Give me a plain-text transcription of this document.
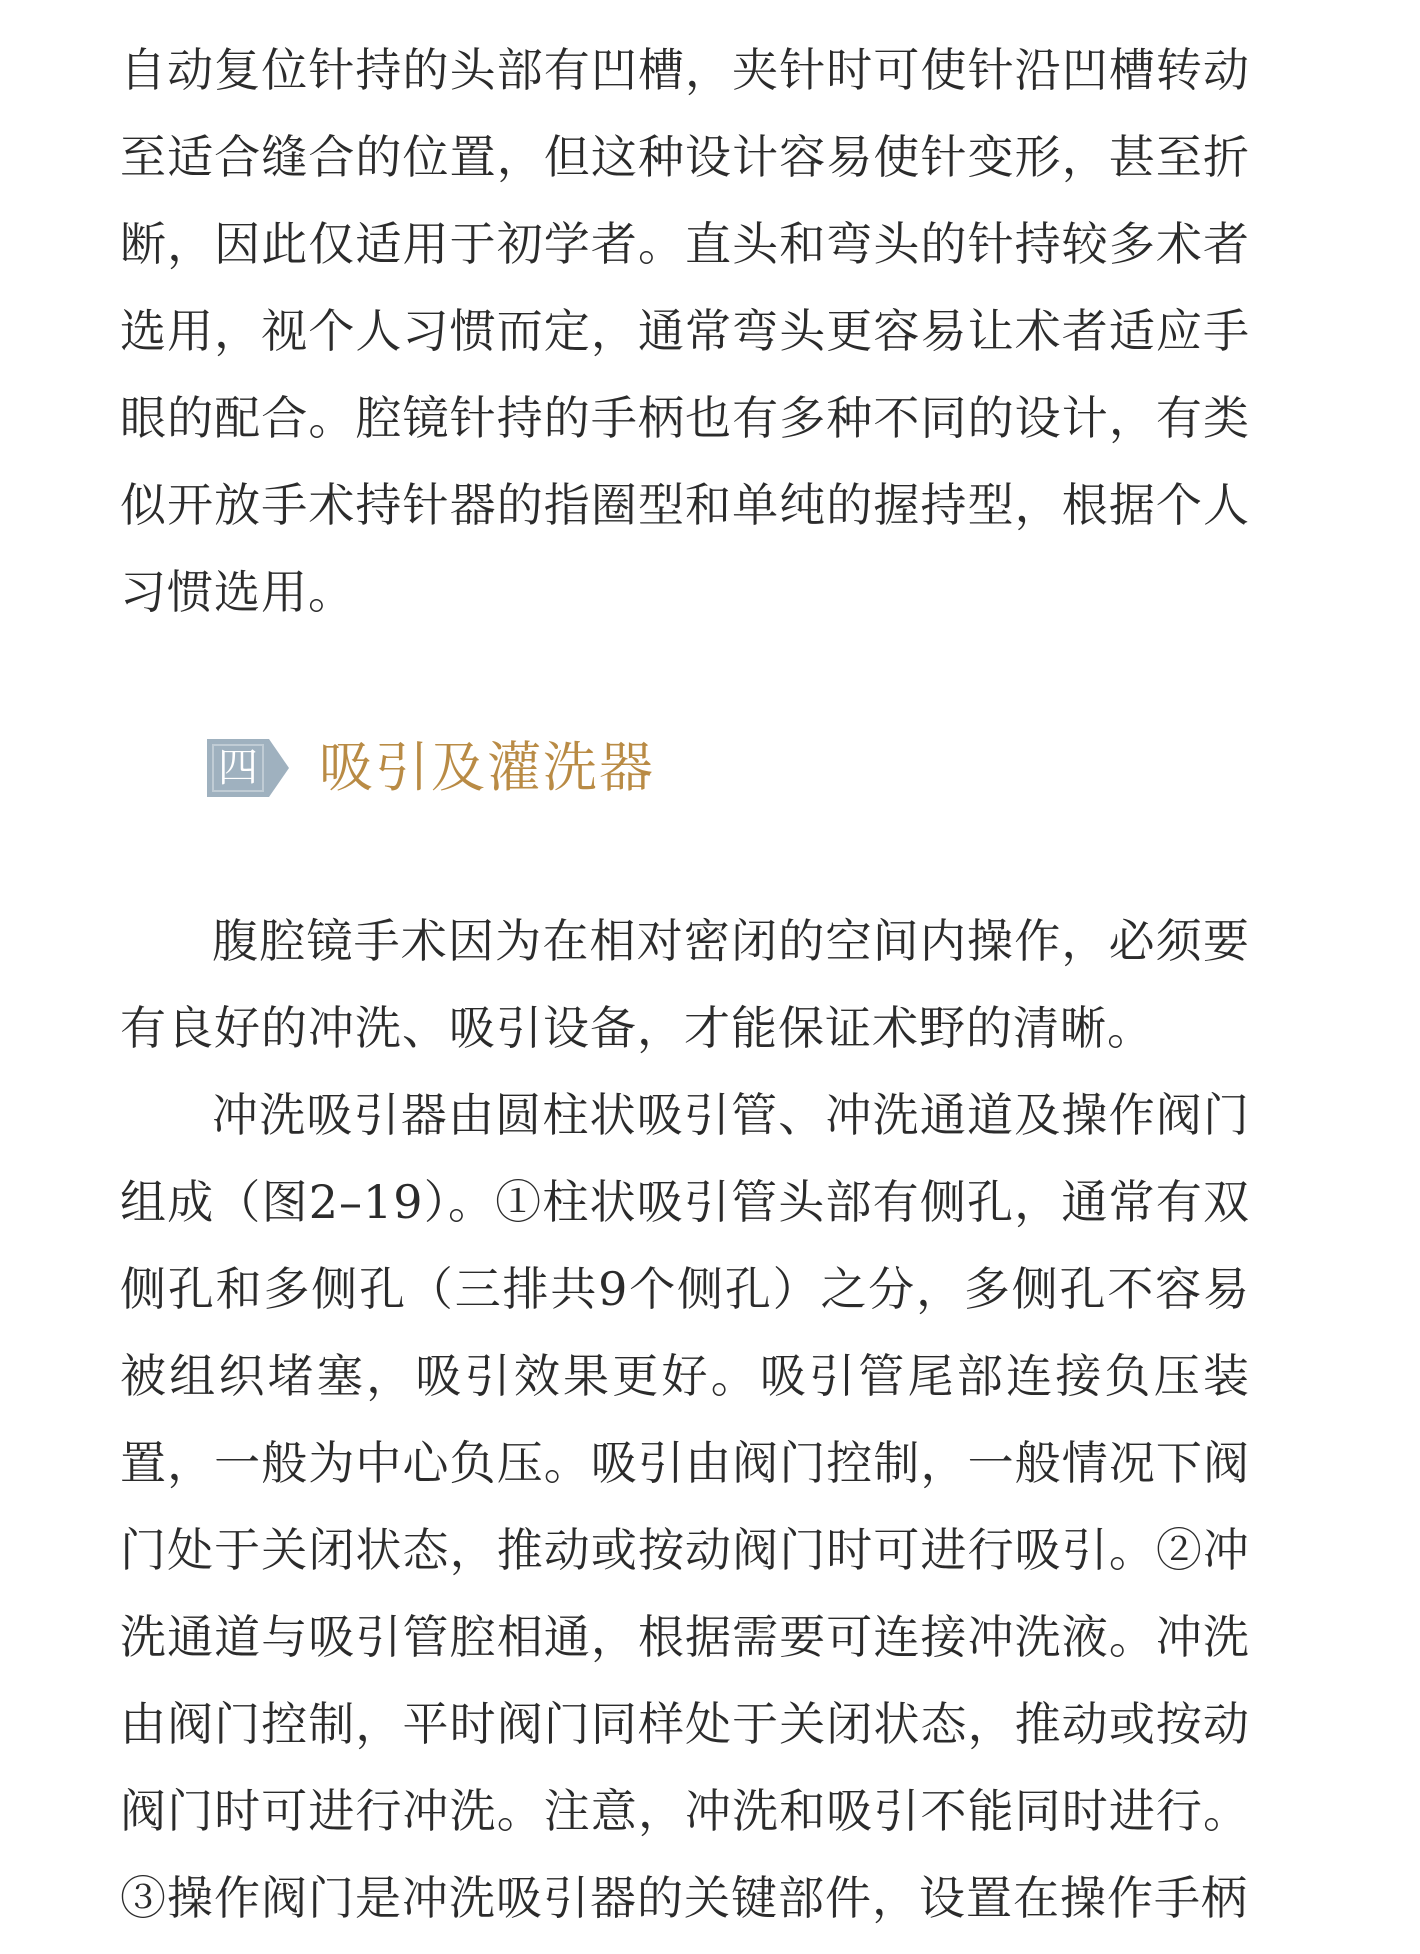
自动复位针持的头部有凹槽，夹针时可使针沿凹槽转动至适合缝合的位置，但这种设计容易使针变形，甚至折断，因此仅适用于初学者。直头和弯头的针持较多术者选用，视个人习惯而定，通常弯头更容易让术者适应手眼的配合。腔镜针持的手柄也有多种不同的设计，有类似开放手术持针器的指圈型和单纯的握持型，根据个人习惯选用。

四 吸引及灌洗器

腹腔镜手术因为在相对密闭的空间内操作，必须要有良好的冲洗、吸引设备，才能保证术野的清晰。

冲洗吸引器由圆柱状吸引管、冲洗通道及操作阀门组成（图2–19）。①柱状吸引管头部有侧孔，通常有双侧孔和多侧孔（三排共9个侧孔）之分，多侧孔不容易被组织堵塞，吸引效果更好。吸引管尾部连接负压装置，一般为中心负压。吸引由阀门控制，一般情况下阀门处于关闭状态，推动或按动阀门时可进行吸引。②冲洗通道与吸引管腔相通，根据需要可连接冲洗液。冲洗由阀门控制，平时阀门同样处于关闭状态，推动或按动阀门时可进行冲洗。注意，冲洗和吸引不能同时进行。③操作阀门是冲洗吸引器的关键部件，设置在操作手柄
